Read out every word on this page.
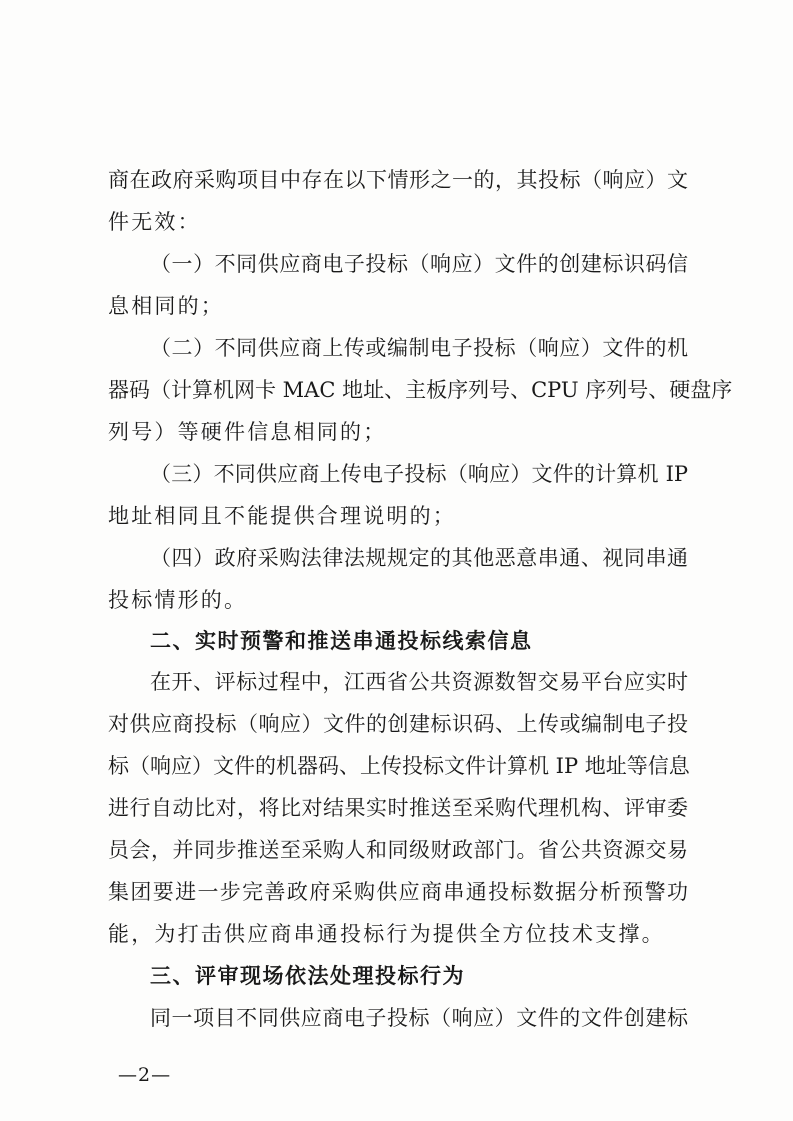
商在政府采购项目中存在以下情形之一的，其投标（响应）文
件无效：
（一）不同供应商电子投标（响应）文件的创建标识码信
息相同的；
（二）不同供应商上传或编制电子投标（响应）文件的机
器码（计算机网卡 MAC 地址、主板序列号、CPU 序列号、硬盘序
列号）等硬件信息相同的；
（三）不同供应商上传电子投标（响应）文件的计算机 IP
地址相同且不能提供合理说明的；
（四）政府采购法律法规规定的其他恶意串通、视同串通
投标情形的。
二、实时预警和推送串通投标线索信息
在开、评标过程中，江西省公共资源数智交易平台应实时
对供应商投标（响应）文件的创建标识码、上传或编制电子投
标（响应）文件的机器码、上传投标文件计算机 IP 地址等信息
进行自动比对，将比对结果实时推送至采购代理机构、评审委
员会，并同步推送至采购人和同级财政部门。省公共资源交易
集团要进一步完善政府采购供应商串通投标数据分析预警功
能，为打击供应商串通投标行为提供全方位技术支撑。
三、评审现场依法处理投标行为
同一项目不同供应商电子投标（响应）文件的文件创建标
—2—
